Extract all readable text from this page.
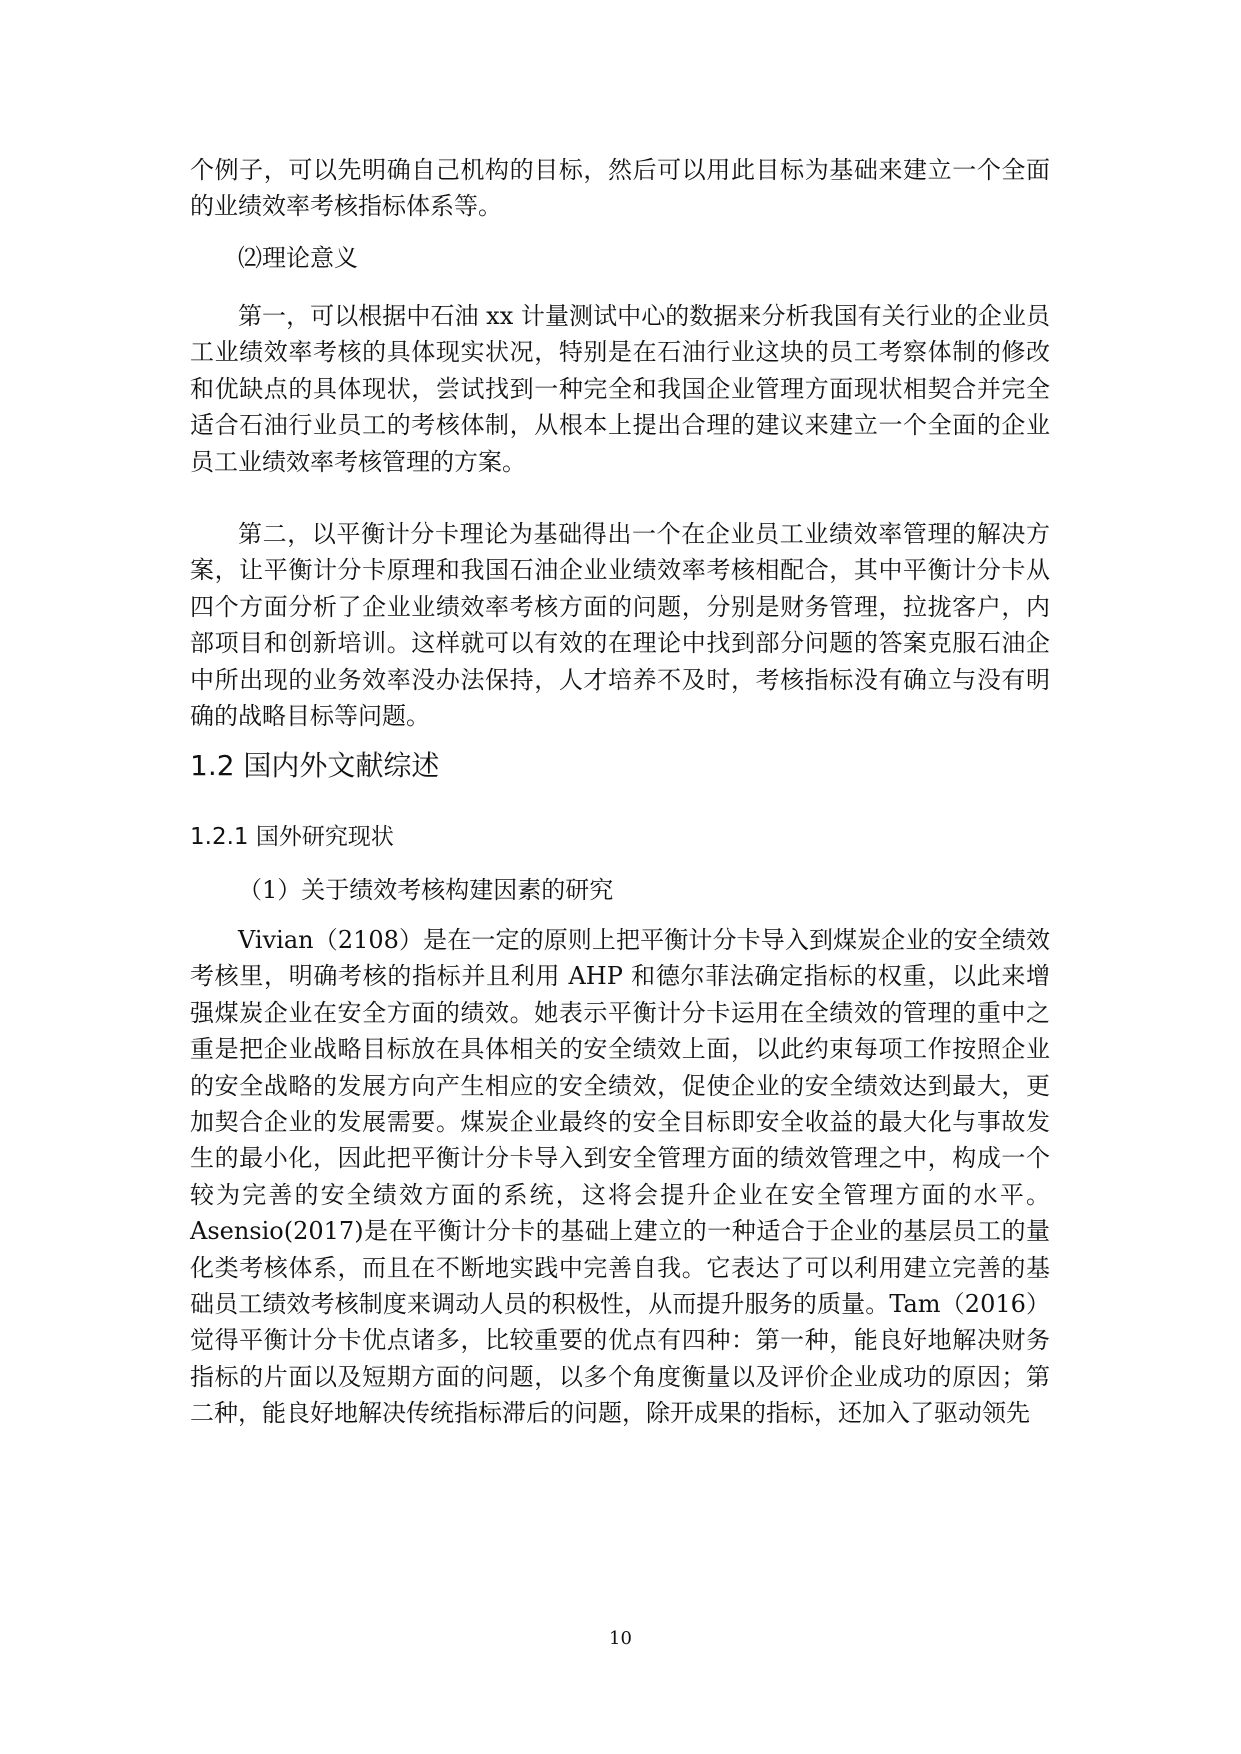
个例子，可以先明确自己机构的目标，然后可以用此目标为基础来建立一个全面的业绩效率考核指标体系等。

⑵理论意义

第一，可以根据中石油 xx 计量测试中心的数据来分析我国有关行业的企业员工业绩效率考核的具体现实状况，特别是在石油行业这块的员工考察体制的修改和优缺点的具体现状，尝试找到一种完全和我国企业管理方面现状相契合并完全适合石油行业员工的考核体制，从根本上提出合理的建议来建立一个全面的企业员工业绩效率考核管理的方案。

第二，以平衡计分卡理论为基础得出一个在企业员工业绩效率管理的解决方案，让平衡计分卡原理和我国石油企业业绩效率考核相配合，其中平衡计分卡从四个方面分析了企业业绩效率考核方面的问题，分别是财务管理，拉拢客户，内部项目和创新培训。这样就可以有效的在理论中找到部分问题的答案克服石油企中所出现的业务效率没办法保持，人才培养不及时，考核指标没有确立与没有明确的战略目标等问题。

1.2 国内外文献综述
1.2.1 国外研究现状

（1）关于绩效考核构建因素的研究

Vivian（2108）是在一定的原则上把平衡计分卡导入到煤炭企业的安全绩效考核里，明确考核的指标并且利用 AHP 和德尔菲法确定指标的权重，以此来增强煤炭企业在安全方面的绩效。她表示平衡计分卡运用在全绩效的管理的重中之重是把企业战略目标放在具体相关的安全绩效上面，以此约束每项工作按照企业的安全战略的发展方向产生相应的安全绩效，促使企业的安全绩效达到最大，更加契合企业的发展需要。煤炭企业最终的安全目标即安全收益的最大化与事故发生的最小化，因此把平衡计分卡导入到安全管理方面的绩效管理之中，构成一个较为完善的安全绩效方面的系统，这将会提升企业在安全管理方面的水平。Asensio(2017)是在平衡计分卡的基础上建立的一种适合于企业的基层员工的量化类考核体系，而且在不断地实践中完善自我。它表达了可以利用建立完善的基础员工绩效考核制度来调动人员的积极性，从而提升服务的质量。Tam（2016）觉得平衡计分卡优点诸多，比较重要的优点有四种：第一种，能良好地解决财务指标的片面以及短期方面的问题，以多个角度衡量以及评价企业成功的原因；第二种，能良好地解决传统指标滞后的问题，除开成果的指标，还加入了驱动领先

10
